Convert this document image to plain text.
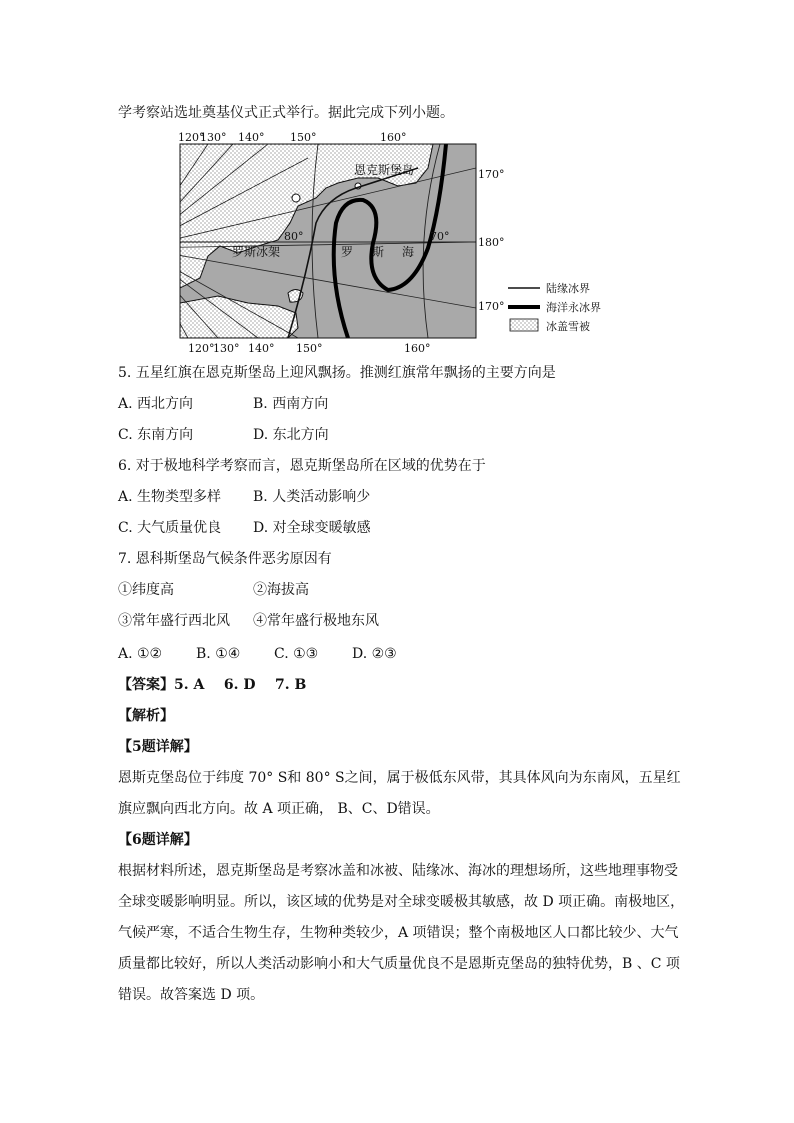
学考察站选址奠基仪式正式举行。据此完成下列小题。
120°
130° 140° 150°	160°
120°
130° 140° 150°	160°
恩克斯堡岛
罗斯冰架	罗 斯 海
80°	70°
170°
180°
170°
陆缘冰界
海洋永冰界
冰盖雪被
5. 五星红旗在恩克斯堡岛上迎风飘扬。推测红旗常年飘扬的主要方向是
A. 西北方向	B. 西南方向
C. 东南方向	D. 东北方向
6. 对于极地科学考察而言，恩克斯堡岛所在区域的优势在于
A. 生物类型多样 B. 人类活动影响少
C. 大气质量优良 D. 对全球变暖敏感
7. 恩科斯堡岛气候条件恶劣原因有
①纬度高	②海拔高
③常年盛行西北风 ④常年盛行极地东风
A. ①② B. ①④ C. ①③ D. ②③
【答案】5. A    6. D    7. B
【解析】
【5题详解】
恩斯克堡岛位于纬度 70° S和 80° S之间，属于极低东风带，其具体风向为东南风，五星红
旗应飘向西北方向。故 A 项正确， B、C、D错误。
【6题详解】
根据材料所述，恩克斯堡岛是考察冰盖和冰被、陆缘冰、海冰的理想场所，这些地理事物受
全球变暖影响明显。所以，该区域的优势是对全球变暖极其敏感，故 D 项正确。南极地区，
气候严寒，不适合生物生存，生物种类较少，A 项错误；整个南极地区人口都比较少、大气
质量都比较好，所以人类活动影响小和大气质量优良不是恩斯克堡岛的独特优势，B 、C 项
错误。故答案选 D 项。
